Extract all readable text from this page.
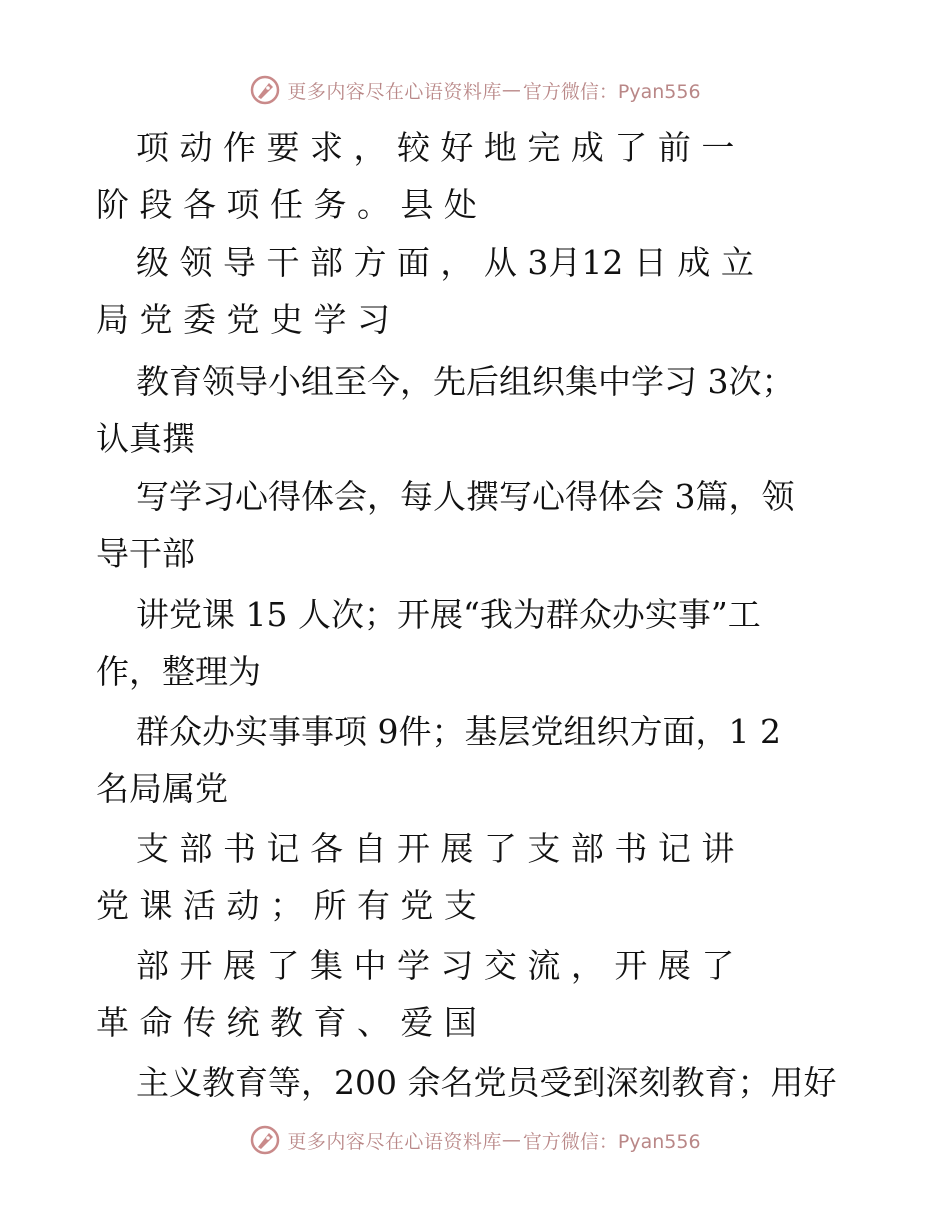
更多内容尽在心语资料库 — 官方微信：Pyan556
项 动 作 要 求 ， 较 好 地 完 成 了 前 一
阶 段 各 项 任 务 。 县 处
级 领 导 干 部 方 面 ， 从 3月12 日 成 立
局 党 委 党 史 学 习
教育领导小组至今，先后组织集中学习 3次；
认真撰
写学习心得体会，每人撰写心得体会 3篇，领
导干部
讲党课 15 人次；开展“我为群众办实事”工
作，整理为
群众办实事事项 9件；基层党组织方面，1 2
名局属党
支 部 书 记 各 自 开 展 了 支 部 书 记 讲
党 课 活 动 ； 所 有 党 支
部 开 展 了 集 中 学 习 交 流 ， 开 展 了
革 命 传 统 教 育 、 爱 国
主义教育等，200 余名党员受到深刻教育；用好
更多内容尽在心语资料库 — 官方微信：Pyan556
